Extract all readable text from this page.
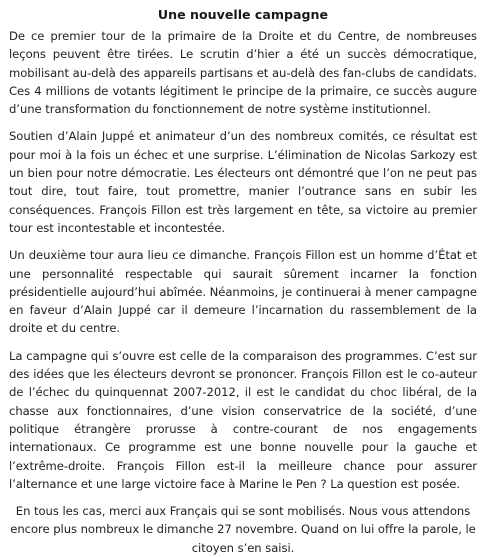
Une nouvelle campagne

De ce premier tour de la primaire de la Droite et du Centre, de nombreuses leçons peuvent être tirées. Le scrutin d’hier a été un succès démocratique, mobilisant au-delà des appareils partisans et au-delà des fan-clubs de candidats. Ces 4 millions de votants légitiment le principe de la primaire, ce succès augure d’une transformation du fonctionnement de notre système institutionnel.

Soutien d’Alain Juppé et animateur d’un des nombreux comités, ce résultat est pour moi à la fois un échec et une surprise. L’élimination de Nicolas Sarkozy est un bien pour notre démocratie. Les électeurs ont démontré que l’on ne peut pas tout dire, tout faire, tout promettre, manier l’outrance sans en subir les conséquences. François Fillon est très largement en tête, sa victoire au premier tour est incontestable et incontestée.

Un deuxième tour aura lieu ce dimanche. François Fillon est un homme d’État et une personnalité respectable qui saurait sûrement incarner la fonction présidentielle aujourd’hui abîmée. Néanmoins, je continuerai à mener campagne en faveur d’Alain Juppé car il demeure l’incarnation du rassemblement de la droite et du centre.

La campagne qui s’ouvre est celle de la comparaison des programmes. C’est sur des idées que les électeurs devront se prononcer. François Fillon est le co-auteur de l’échec du quinquennat 2007-2012, il est le candidat du choc libéral, de la chasse aux fonctionnaires, d’une vision conservatrice de la société, d’une politique étrangère prorusse à contre-courant de nos engagements internationaux. Ce programme est une bonne nouvelle pour la gauche et l’extrême-droite. François Fillon est-il la meilleure chance pour assurer l’alternance et une large victoire face à Marine le Pen ? La question est posée.

En tous les cas, merci aux Français qui se sont mobilisés. Nous vous attendons encore plus nombreux le dimanche 27 novembre. Quand on lui offre la parole, le citoyen s’en saisi.
